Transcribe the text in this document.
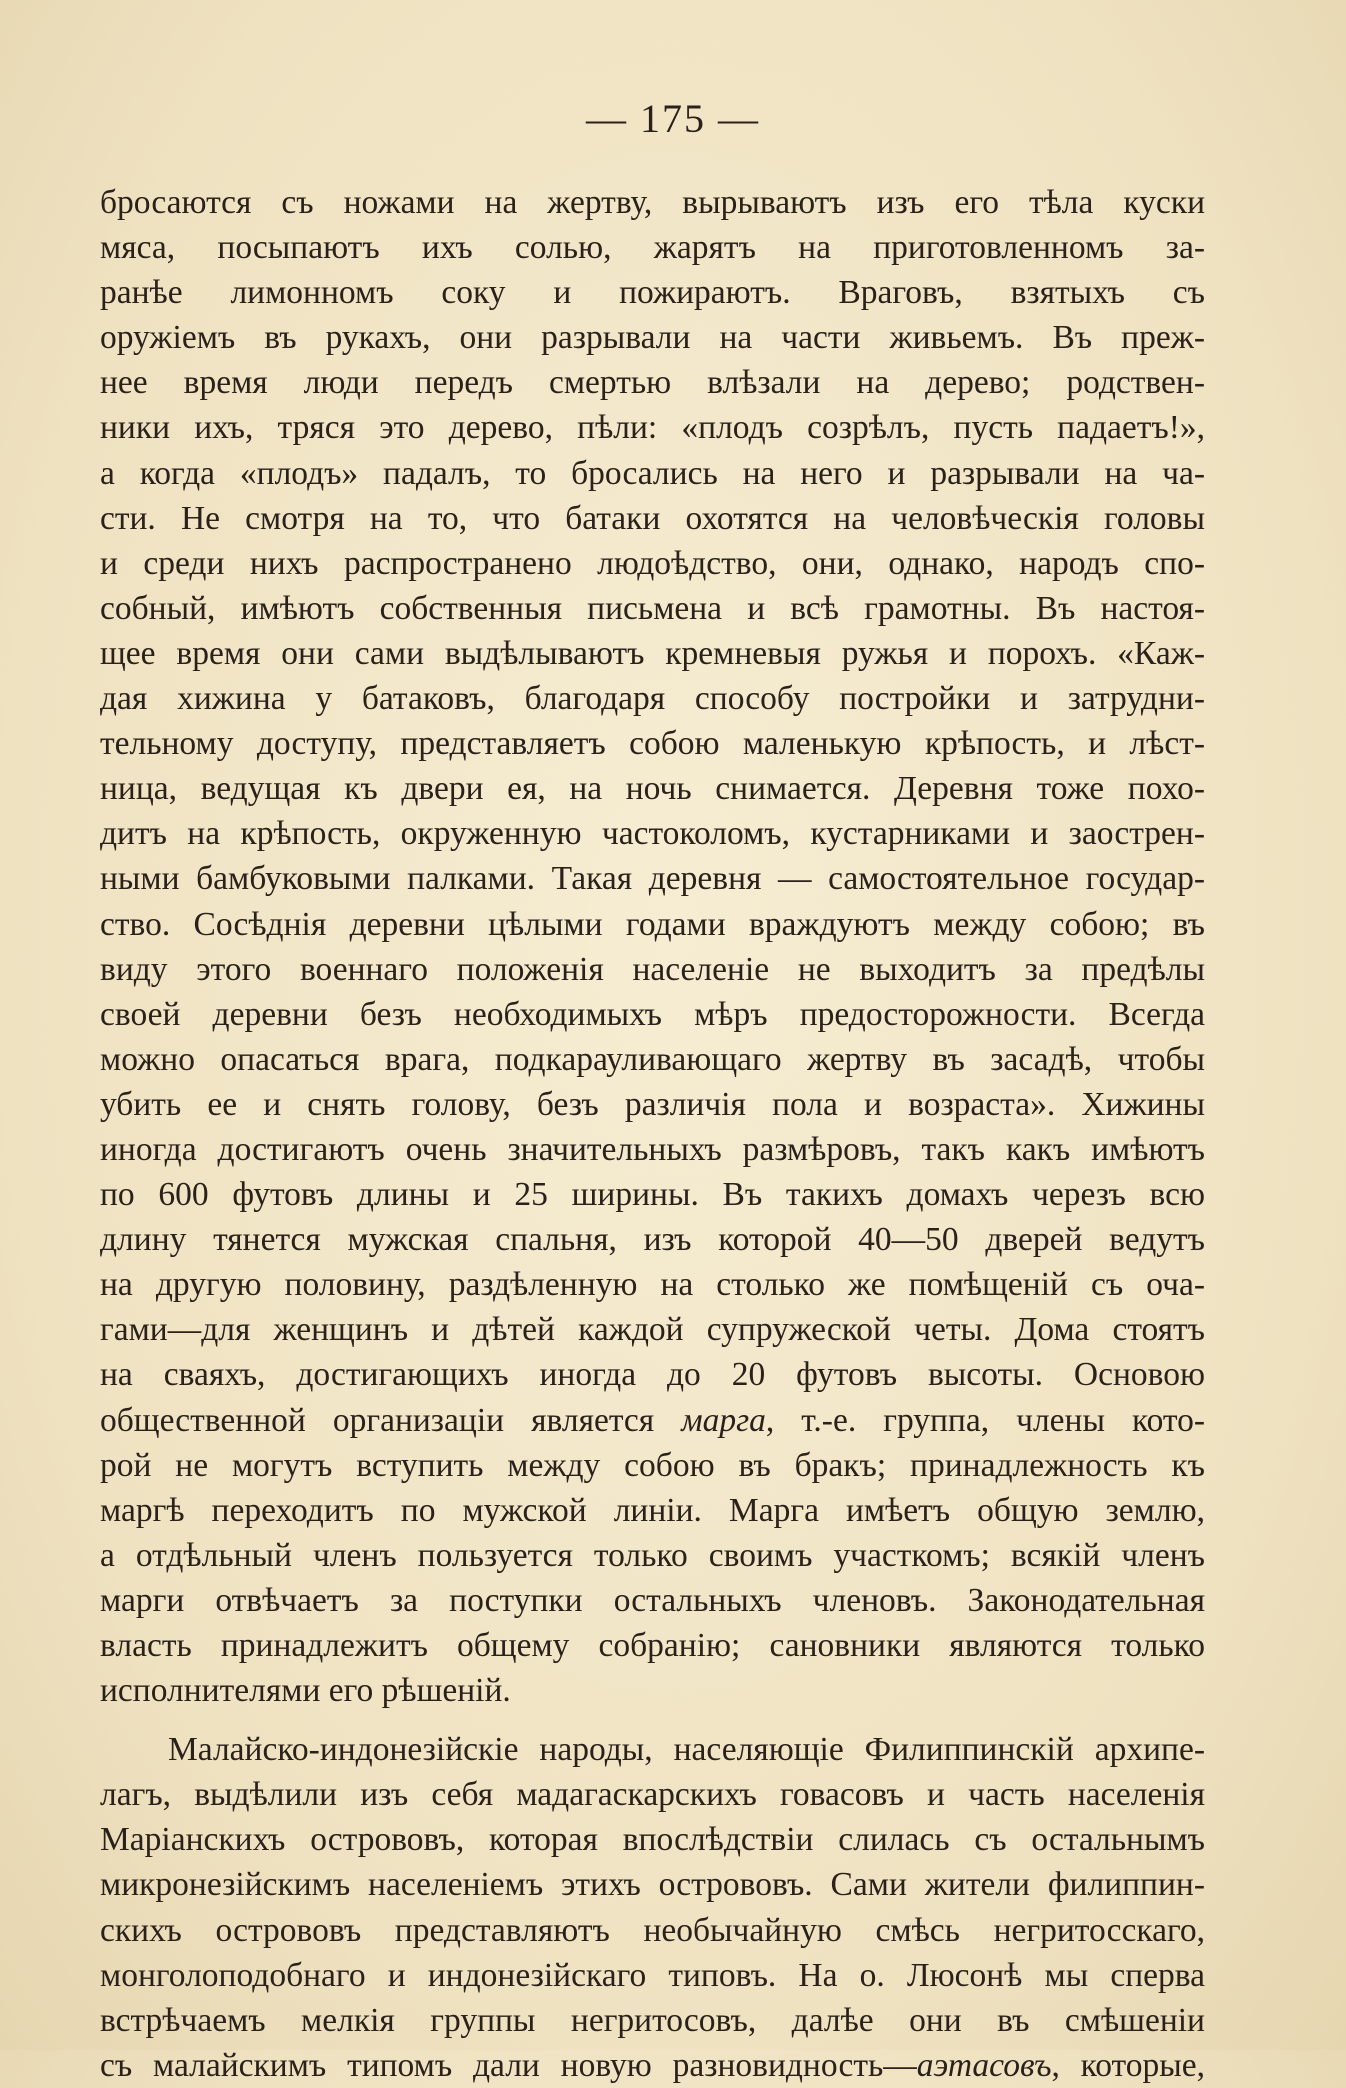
— 175 —
бросаются съ ножами на жертву, вырываютъ изъ его тѣла куски
мяса, посыпаютъ ихъ солью, жарятъ на приготовленномъ за-
ранѣе лимонномъ соку и пожираютъ. Враговъ, взятыхъ съ
оружіемъ въ рукахъ, они разрывали на части живьемъ. Въ преж-
нее время люди передъ смертью влѣзали на дерево; родствен-
ники ихъ, тряся это дерево, пѣли: «плодъ созрѣлъ, пусть падаетъ!»,
а когда «плодъ» падалъ, то бросались на него и разрывали на ча-
сти. Не смотря на то, что батаки охотятся на человѣческія головы
и среди нихъ распространено людоѣдство, они, однако, народъ спо-
собный, имѣютъ собственныя письмена и всѣ грамотны. Въ настоя-
щее время они сами выдѣлываютъ кремневыя ружья и порохъ. «Каж-
дая хижина у батаковъ, благодаря способу постройки и затрудни-
тельному доступу, представляетъ собою маленькую крѣпость, и лѣст-
ница, ведущая къ двери ея, на ночь снимается. Деревня тоже похо-
дитъ на крѣпость, окруженную частоколомъ, кустарниками и заострен-
ными бамбуковыми палками. Такая деревня — самостоятельное государ-
ство. Сосѣднія деревни цѣлыми годами враждуютъ между собою; въ
виду этого военнаго положенія населеніе не выходитъ за предѣлы
своей деревни безъ необходимыхъ мѣръ предосторожности. Всегда
можно опасаться врага, подкарауливающаго жертву въ засадѣ, чтобы
убить ее и снять голову, безъ различія пола и возраста». Хижины
иногда достигаютъ очень значительныхъ размѣровъ, такъ какъ имѣютъ
по 600 футовъ длины и 25 ширины. Въ такихъ домахъ черезъ всю
длину тянется мужская спальня, изъ которой 40—50 дверей ведутъ
на другую половину, раздѣленную на столько же помѣщеній съ оча-
гами—для женщинъ и дѣтей каждой супружеской четы. Дома стоятъ
на сваяхъ, достигающихъ иногда до 20 футовъ высоты. Основою
общественной организаціи является марга, т.-е. группа, члены кото-
рой не могутъ вступить между собою въ бракъ; принадлежность къ
маргѣ переходитъ по мужской линіи. Марга имѣетъ общую землю,
а отдѣльный членъ пользуется только своимъ участкомъ; всякій членъ
марги отвѣчаетъ за поступки остальныхъ членовъ. Законодательная
власть принадлежитъ общему собранію; сановники являются только
исполнителями его рѣшеній.
Малайско-индонезійскіе народы, населяющіе Филиппинскій архипе-
лагъ, выдѣлили изъ себя мадагаскарскихъ говасовъ и часть населенія
Маріанскихъ острововъ, которая впослѣдствіи слилась съ остальнымъ
микронезійскимъ населеніемъ этихъ острововъ. Сами жители филиппин-
скихъ острововъ представляютъ необычайную смѣсь негритосскаго,
монголоподобнаго и индонезійскаго типовъ. На о. Люсонѣ мы сперва
встрѣчаемъ мелкія группы негритосовъ, далѣе они въ смѣшеніи
съ малайскимъ типомъ дали новую разновидность—аэтасовъ, которые,
